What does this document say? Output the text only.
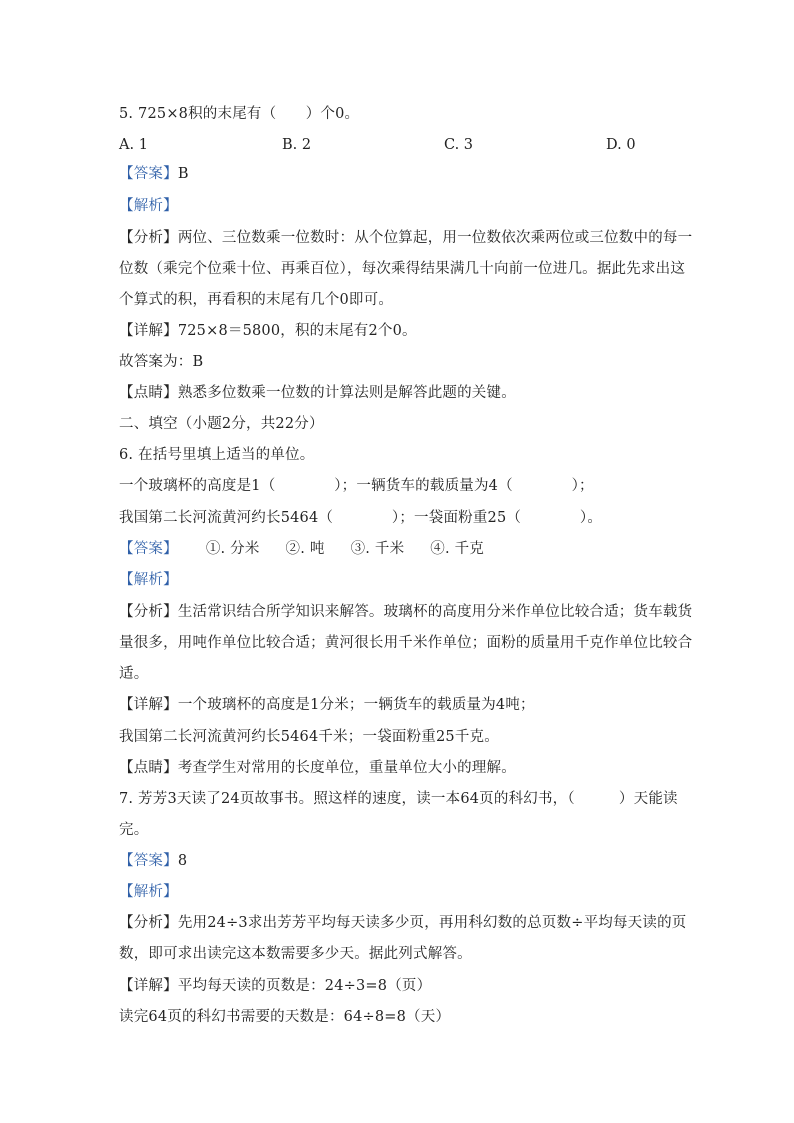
5. 725×8积的末尾有（　　）个0。
A. 1	B. 2	C. 3	D. 0
【答案】B
【解析】
【分析】两位、三位数乘一位数时：从个位算起，用一位数依次乘两位或三位数中的每一
位数（乘完个位乘十位、再乘百位），每次乘得结果满几十向前一位进几。据此先求出这
个算式的积，再看积的末尾有几个0即可。
【详解】725×8＝5800，积的末尾有2个0。
故答案为：B
【点睛】熟悉多位数乘一位数的计算法则是解答此题的关键。
二、填空（小题2分，共22分）
6. 在括号里填上适当的单位。
一个玻璃杯的高度是1（　　　　）；一辆货车的载质量为4（　　　　）；
我国第二长河流黄河约长5464（　　　　）；一袋面粉重25（　　　　）。
【答案】 ①. 分米 ②. 吨 ③. 千米 ④. 千克
【解析】
【分析】生活常识结合所学知识来解答。玻璃杯的高度用分米作单位比较合适；货车载货
量很多，用吨作单位比较合适；黄河很长用千米作单位；面粉的质量用千克作单位比较合
适。
【详解】一个玻璃杯的高度是1分米；一辆货车的载质量为4吨；
我国第二长河流黄河约长5464千米；一袋面粉重25千克。
【点睛】考查学生对常用的长度单位，重量单位大小的理解。
7. 芳芳3天读了24页故事书。照这样的速度，读一本64页的科幻书，（　　　）天能读
完。
【答案】8
【解析】
【分析】先用24÷3求出芳芳平均每天读多少页，再用科幻数的总页数÷平均每天读的页
数，即可求出读完这本数需要多少天。据此列式解答。
【详解】平均每天读的页数是：24÷3=8（页）
读完64页的科幻书需要的天数是：64÷8=8（天）
